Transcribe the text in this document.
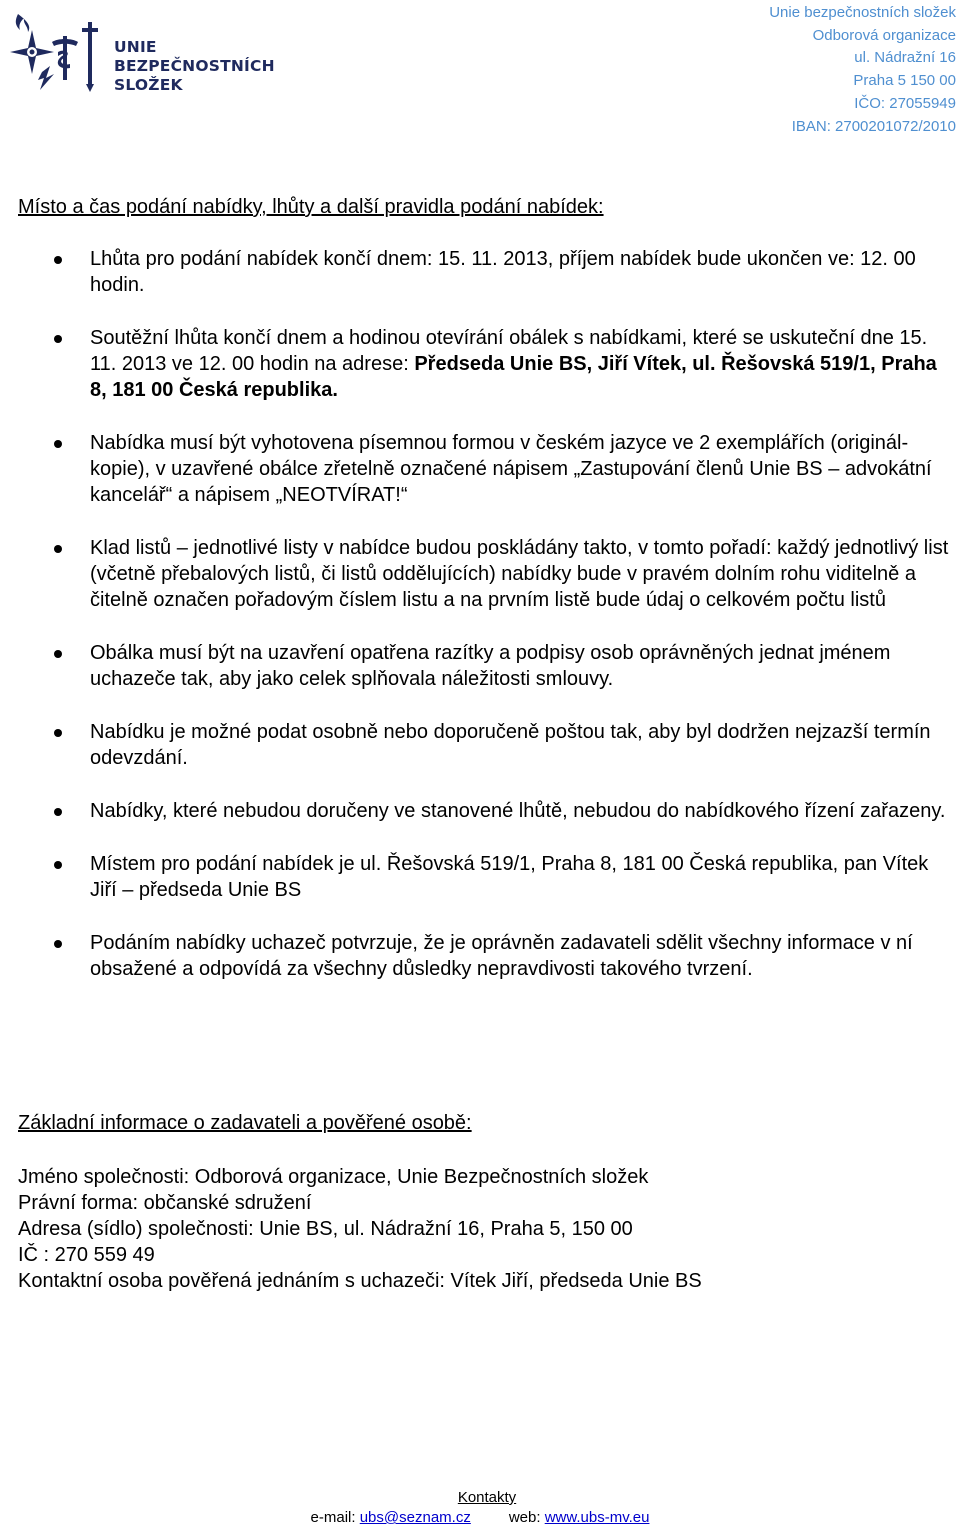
UNIE
BEZPEČNOSTNÍCH
SLOŽEK
Unie bezpečnostních složek
Odborová organizace
ul. Nádražní 16
Praha 5 150 00
IČO: 27055949
IBAN: 2700201072/2010
Místo a čas podání nabídky, lhůty a další pravidla podání nabídek:
Lhůta pro podání nabídek končí dnem: 15. 11. 2013, příjem nabídek bude ukončen ve: 12. 00 hodin.
Soutěžní lhůta končí dnem a hodinou otevírání obálek s nabídkami, které se uskuteční dne 15. 11. 2013 ve 12. 00 hodin na adrese: Předseda Unie BS, Jiří Vítek, ul. Řešovská 519/1, Praha 8, 181 00 Česká republika.
Nabídka musí být vyhotovena písemnou formou v českém jazyce ve 2 exemplářích (originál-kopie), v uzavřené obálce zřetelně označené nápisem „Zastupování členů Unie BS – advokátní kancelář“ a nápisem „NEOTVÍRAT!“
Klad listů – jednotlivé listy v nabídce budou poskládány takto, v tomto pořadí: každý jednotlivý list (včetně přebalových listů, či listů oddělujících) nabídky bude v pravém dolním rohu viditelně a čitelně označen pořadovým číslem listu a na prvním listě bude údaj o celkovém počtu listů
Obálka musí být na uzavření opatřena razítky a podpisy osob oprávněných jednat jménem uchazeče tak, aby jako celek splňovala náležitosti smlouvy.
Nabídku je možné podat osobně nebo doporučeně poštou tak, aby byl dodržen nejzazší termín odevzdání.
Nabídky, které nebudou doručeny ve stanovené lhůtě, nebudou do nabídkového řízení zařazeny.
Místem pro podání nabídek je ul. Řešovská 519/1, Praha 8, 181 00 Česká republika, pan Vítek Jiří – předseda Unie BS
Podáním nabídky uchazeč potvrzuje, že je oprávněn zadavateli sdělit všechny informace v ní obsažené a odpovídá za všechny důsledky nepravdivosti takového tvrzení.
Základní informace o zadavateli a pověřené osobě:
Jméno společnosti: Odborová organizace, Unie Bezpečnostních složek
Právní forma: občanské sdružení
Adresa (sídlo) společnosti: Unie BS, ul. Nádražní 16, Praha 5, 150 00
IČ : 270 559 49
Kontaktní osoba pověřená jednáním s uchazeči: Vítek Jiří, předseda Unie BS
Kontakty
e-mail: ubs@seznam.cz	web: www.ubs-mv.eu
